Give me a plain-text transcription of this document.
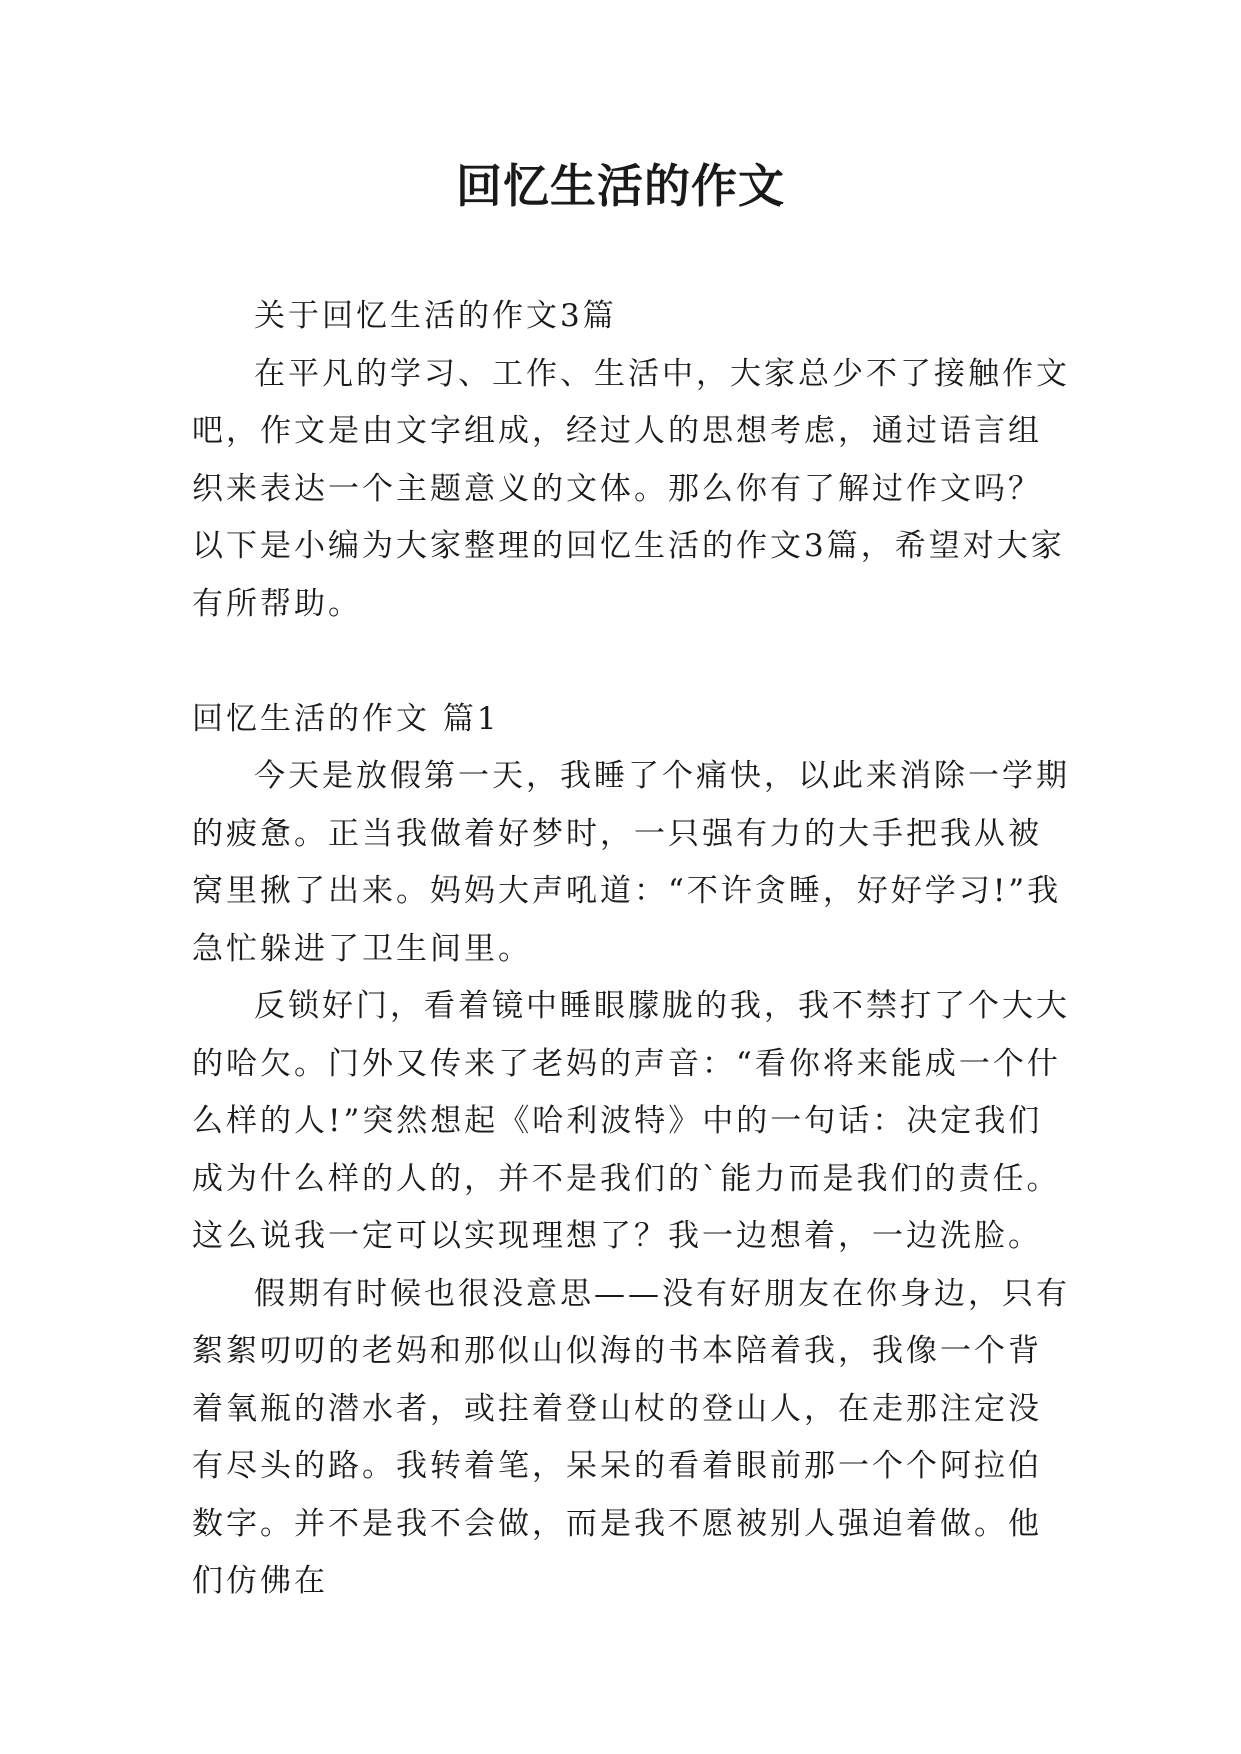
回忆生活的作文

关于回忆生活的作文3篇

在平凡的学习、工作、生活中，大家总少不了接触作文吧，作文是由文字组成，经过人的思想考虑，通过语言组织来表达一个主题意义的文体。那么你有了解过作文吗？以下是小编为大家整理的回忆生活的作文3篇，希望对大家有所帮助。

回忆生活的作文 篇1

今天是放假第一天，我睡了个痛快，以此来消除一学期的疲惫。正当我做着好梦时，一只强有力的大手把我从被窝里揪了出来。妈妈大声吼道：“不许贪睡，好好学习!”我急忙躲进了卫生间里。

反锁好门，看着镜中睡眼朦胧的我，我不禁打了个大大的哈欠。门外又传来了老妈的声音：“看你将来能成一个什么样的人!”突然想起《哈利波特》中的一句话：决定我们成为什么样的人的，并不是我们的`能力而是我们的责任。这么说我一定可以实现理想了？我一边想着，一边洗脸。

假期有时候也很没意思——没有好朋友在你身边，只有絮絮叨叨的老妈和那似山似海的书本陪着我，我像一个背着氧瓶的潜水者，或拄着登山杖的登山人，在走那注定没有尽头的路。我转着笔，呆呆的看着眼前那一个个阿拉伯数字。并不是我不会做，而是我不愿被别人强迫着做。他们仿佛在
